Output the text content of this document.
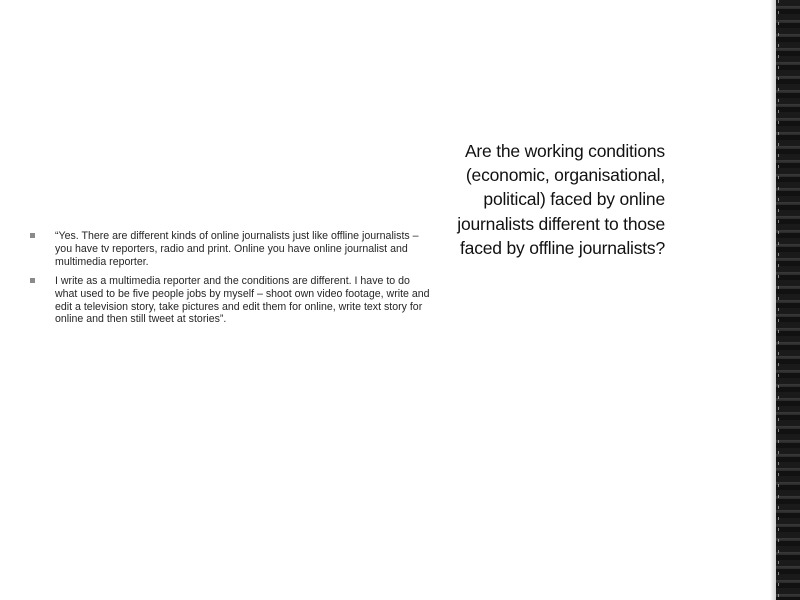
“Yes. There are different kinds of online journalists just like offline journalists – you have tv reporters, radio and print. Online you have online journalist and multimedia reporter.
I write as a multimedia reporter and the conditions are different. I have to do what used to be five people jobs by myself – shoot own video footage, write and edit a television story, take pictures and edit them for online, write text story for online and then still tweet at stories”.
Are the working conditions (economic, organisational, political) faced by online journalists different to those faced by offline journalists?
